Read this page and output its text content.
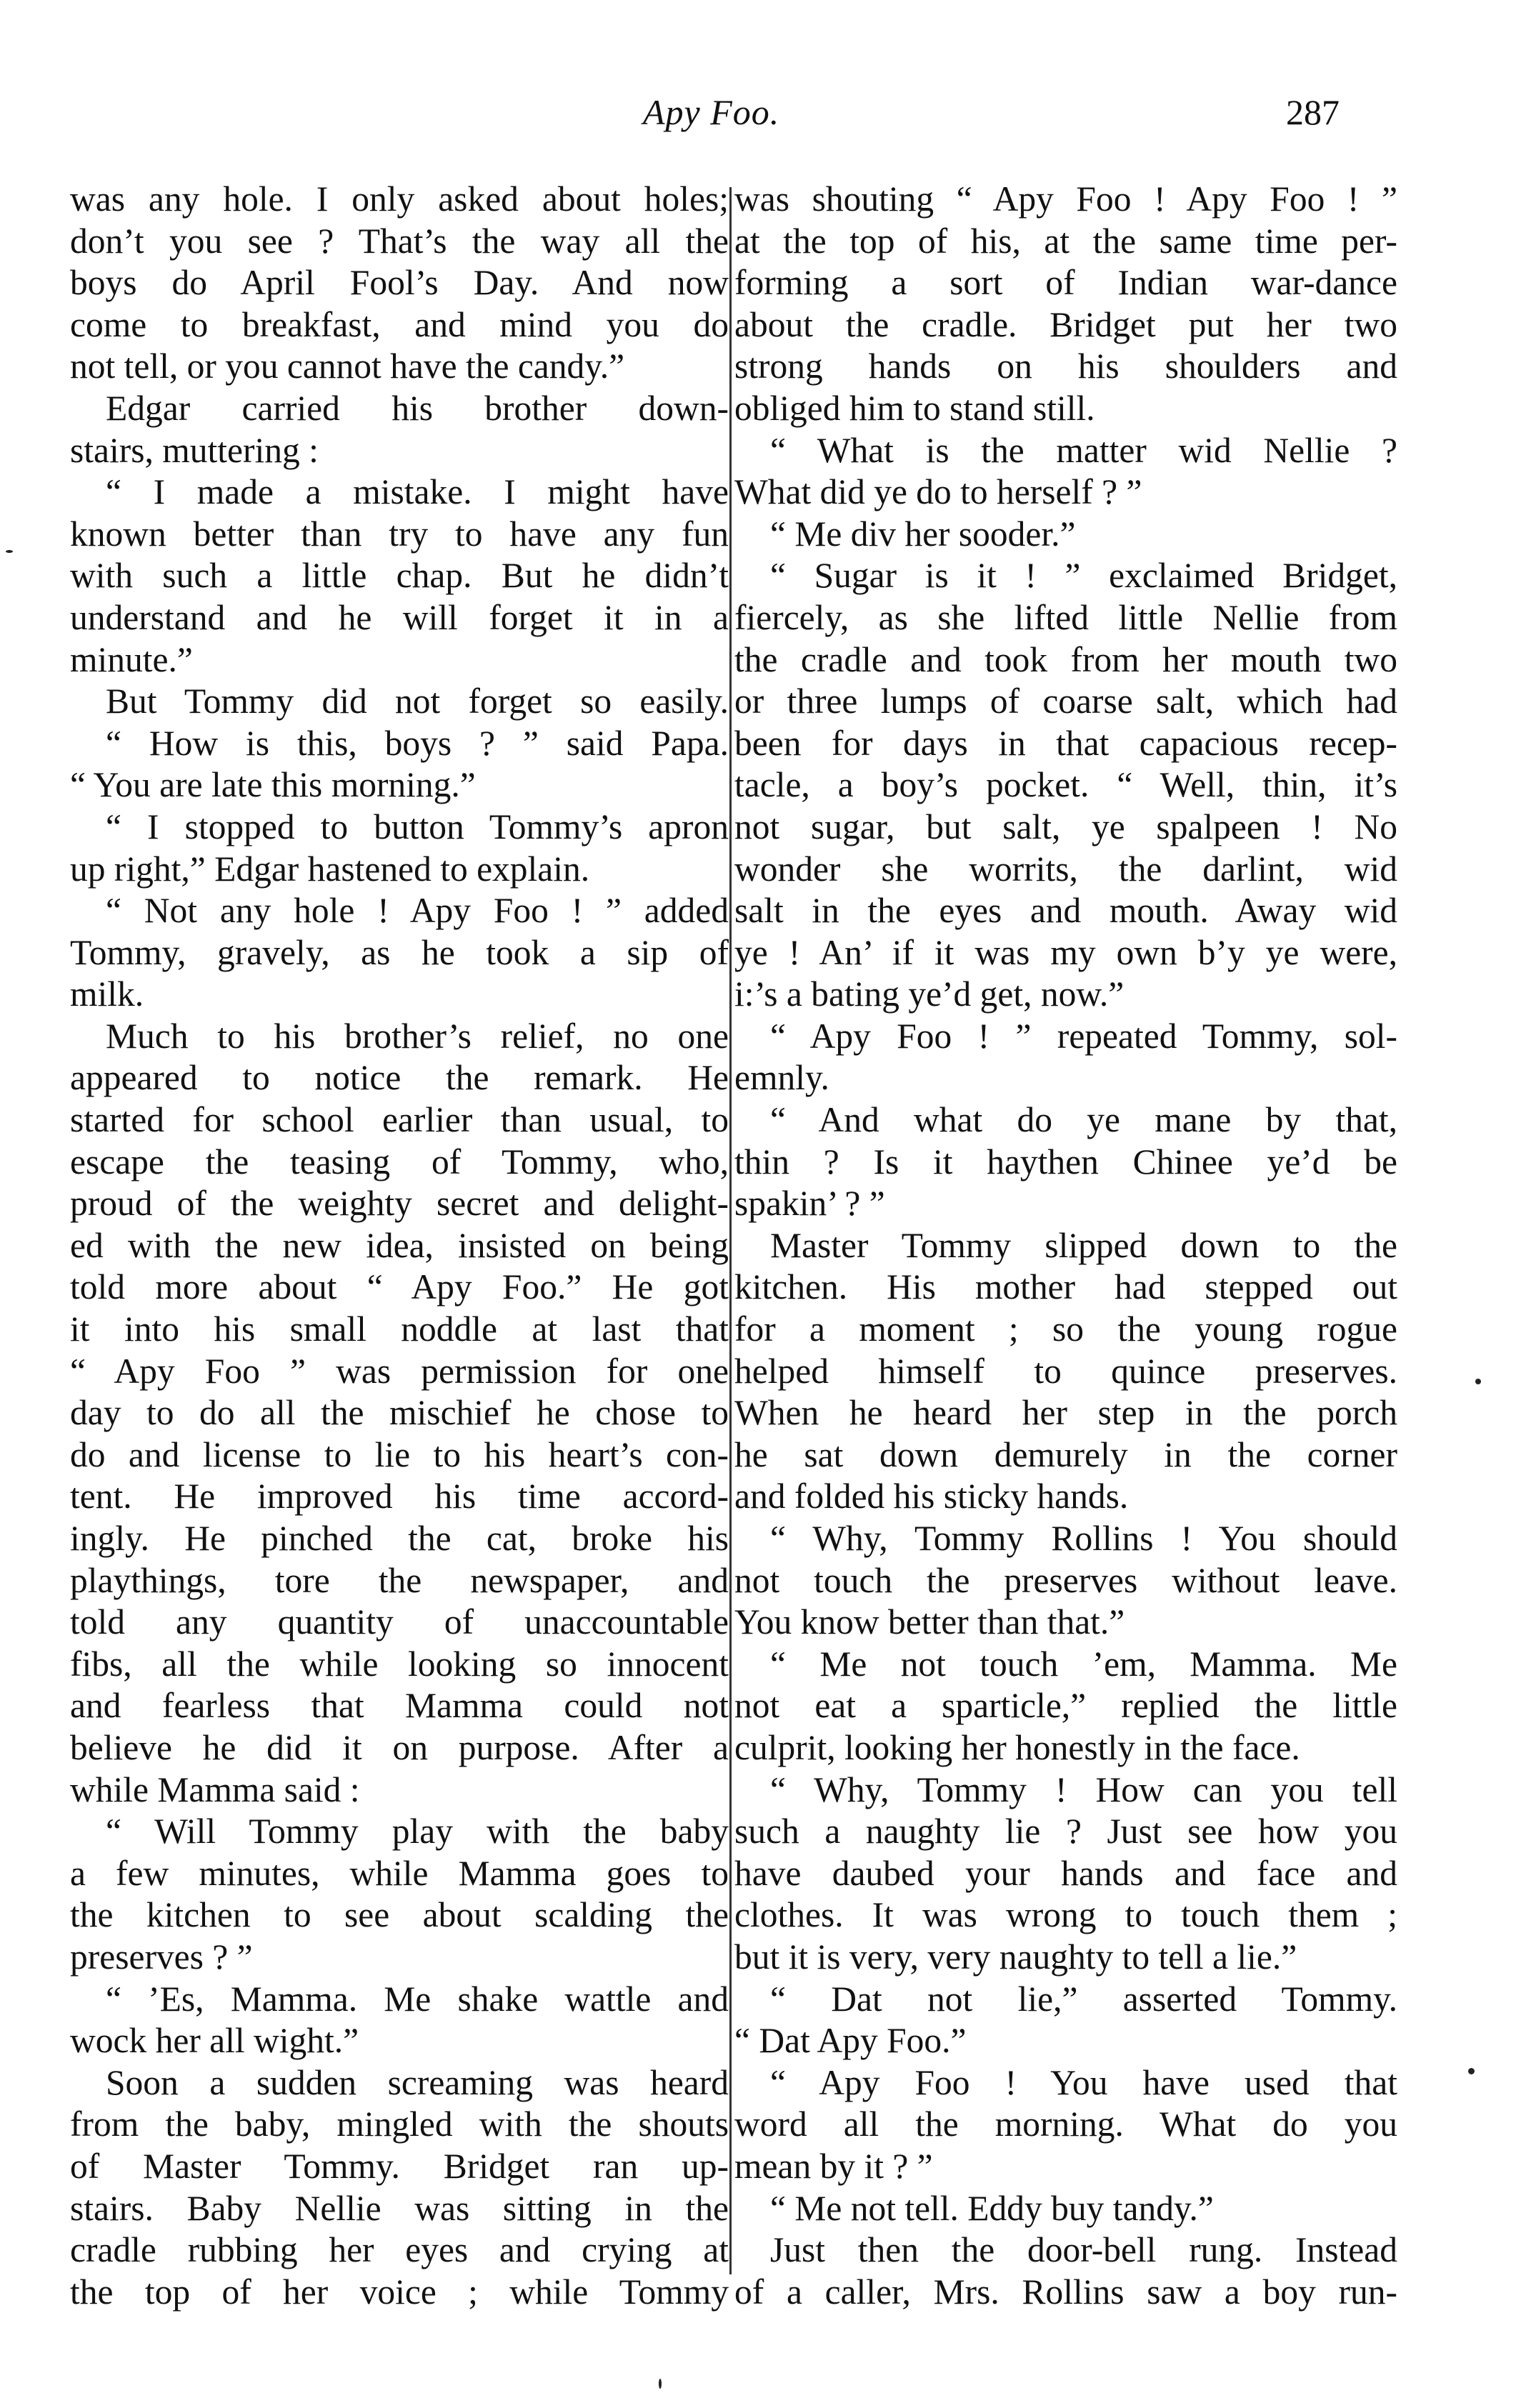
Apy Foo.	287
was any hole. I only asked about holes;
don’t you see ? That’s the way all the
boys do April Fool’s Day. And now
come to breakfast, and mind you do
not tell, or you cannot have the candy.”
Edgar carried his brother down-
stairs, muttering :
“ I made a mistake. I might have
known better than try to have any fun
with such a little chap. But he didn’t
understand and he will forget it in a
minute.”
But Tommy did not forget so easily.
“ How is this, boys ? ” said Papa.
“ You are late this morning.”
“ I stopped to button Tommy’s apron
up right,” Edgar hastened to explain.
“ Not any hole ! Apy Foo ! ” added
Tommy, gravely, as he took a sip of
milk.
Much to his brother’s relief, no one
appeared to notice the remark. He
started for school earlier than usual, to
escape the teasing of Tommy, who,
proud of the weighty secret and delight-
ed with the new idea, insisted on being
told more about “ Apy Foo.” He got
it into his small noddle at last that
“ Apy Foo ” was permission for one
day to do all the mischief he chose to
do and license to lie to his heart’s con-
tent. He improved his time accord-
ingly. He pinched the cat, broke his
playthings, tore the newspaper, and
told any quantity of unaccountable
fibs, all the while looking so innocent
and fearless that Mamma could not
believe he did it on purpose. After a
while Mamma said :
“ Will Tommy play with the baby
a few minutes, while Mamma goes to
the kitchen to see about scalding the
preserves ? ”
“ ’Es, Mamma. Me shake wattle and
wock her all wight.”
Soon a sudden screaming was heard
from the baby, mingled with the shouts
of Master Tommy. Bridget ran up-
stairs. Baby Nellie was sitting in the
cradle rubbing her eyes and crying at
the top of her voice ; while Tommy
was shouting “ Apy Foo ! Apy Foo ! ”
at the top of his, at the same time per-
forming a sort of Indian war-dance
about the cradle. Bridget put her two
strong hands on his shoulders and
obliged him to stand still.
“ What is the matter wid Nellie ?
What did ye do to herself ? ”
“ Me div her sooder.”
“ Sugar is it ! ” exclaimed Bridget,
fiercely, as she lifted little Nellie from
the cradle and took from her mouth two
or three lumps of coarse salt, which had
been for days in that capacious recep-
tacle, a boy’s pocket. “ Well, thin, it’s
not sugar, but salt, ye spalpeen ! No
wonder she worrits, the darlint, wid
salt in the eyes and mouth. Away wid
ye ! An’ if it was my own b’y ye were,
i:’s a bating ye’d get, now.”
“ Apy Foo ! ” repeated Tommy, sol-
emnly.
“ And what do ye mane by that,
thin ? Is it haythen Chinee ye’d be
spakin’ ? ”
Master Tommy slipped down to the
kitchen. His mother had stepped out
for a moment ; so the young rogue
helped himself to quince preserves.
When he heard her step in the porch
he sat down demurely in the corner
and folded his sticky hands.
“ Why, Tommy Rollins ! You should
not touch the preserves without leave.
You know better than that.”
“ Me not touch ’em, Mamma. Me
not eat a sparticle,” replied the little
culprit, looking her honestly in the face.
“ Why, Tommy ! How can you tell
such a naughty lie ? Just see how you
have daubed your hands and face and
clothes. It was wrong to touch them ;
but it is very, very naughty to tell a lie.”
“ Dat not lie,” asserted Tommy.
“ Dat Apy Foo.”
“ Apy Foo ! You have used that
word all the morning. What do you
mean by it ? ”
“ Me not tell. Eddy buy tandy.”
Just then the door-bell rung. Instead
of a caller, Mrs. Rollins saw a boy run-
